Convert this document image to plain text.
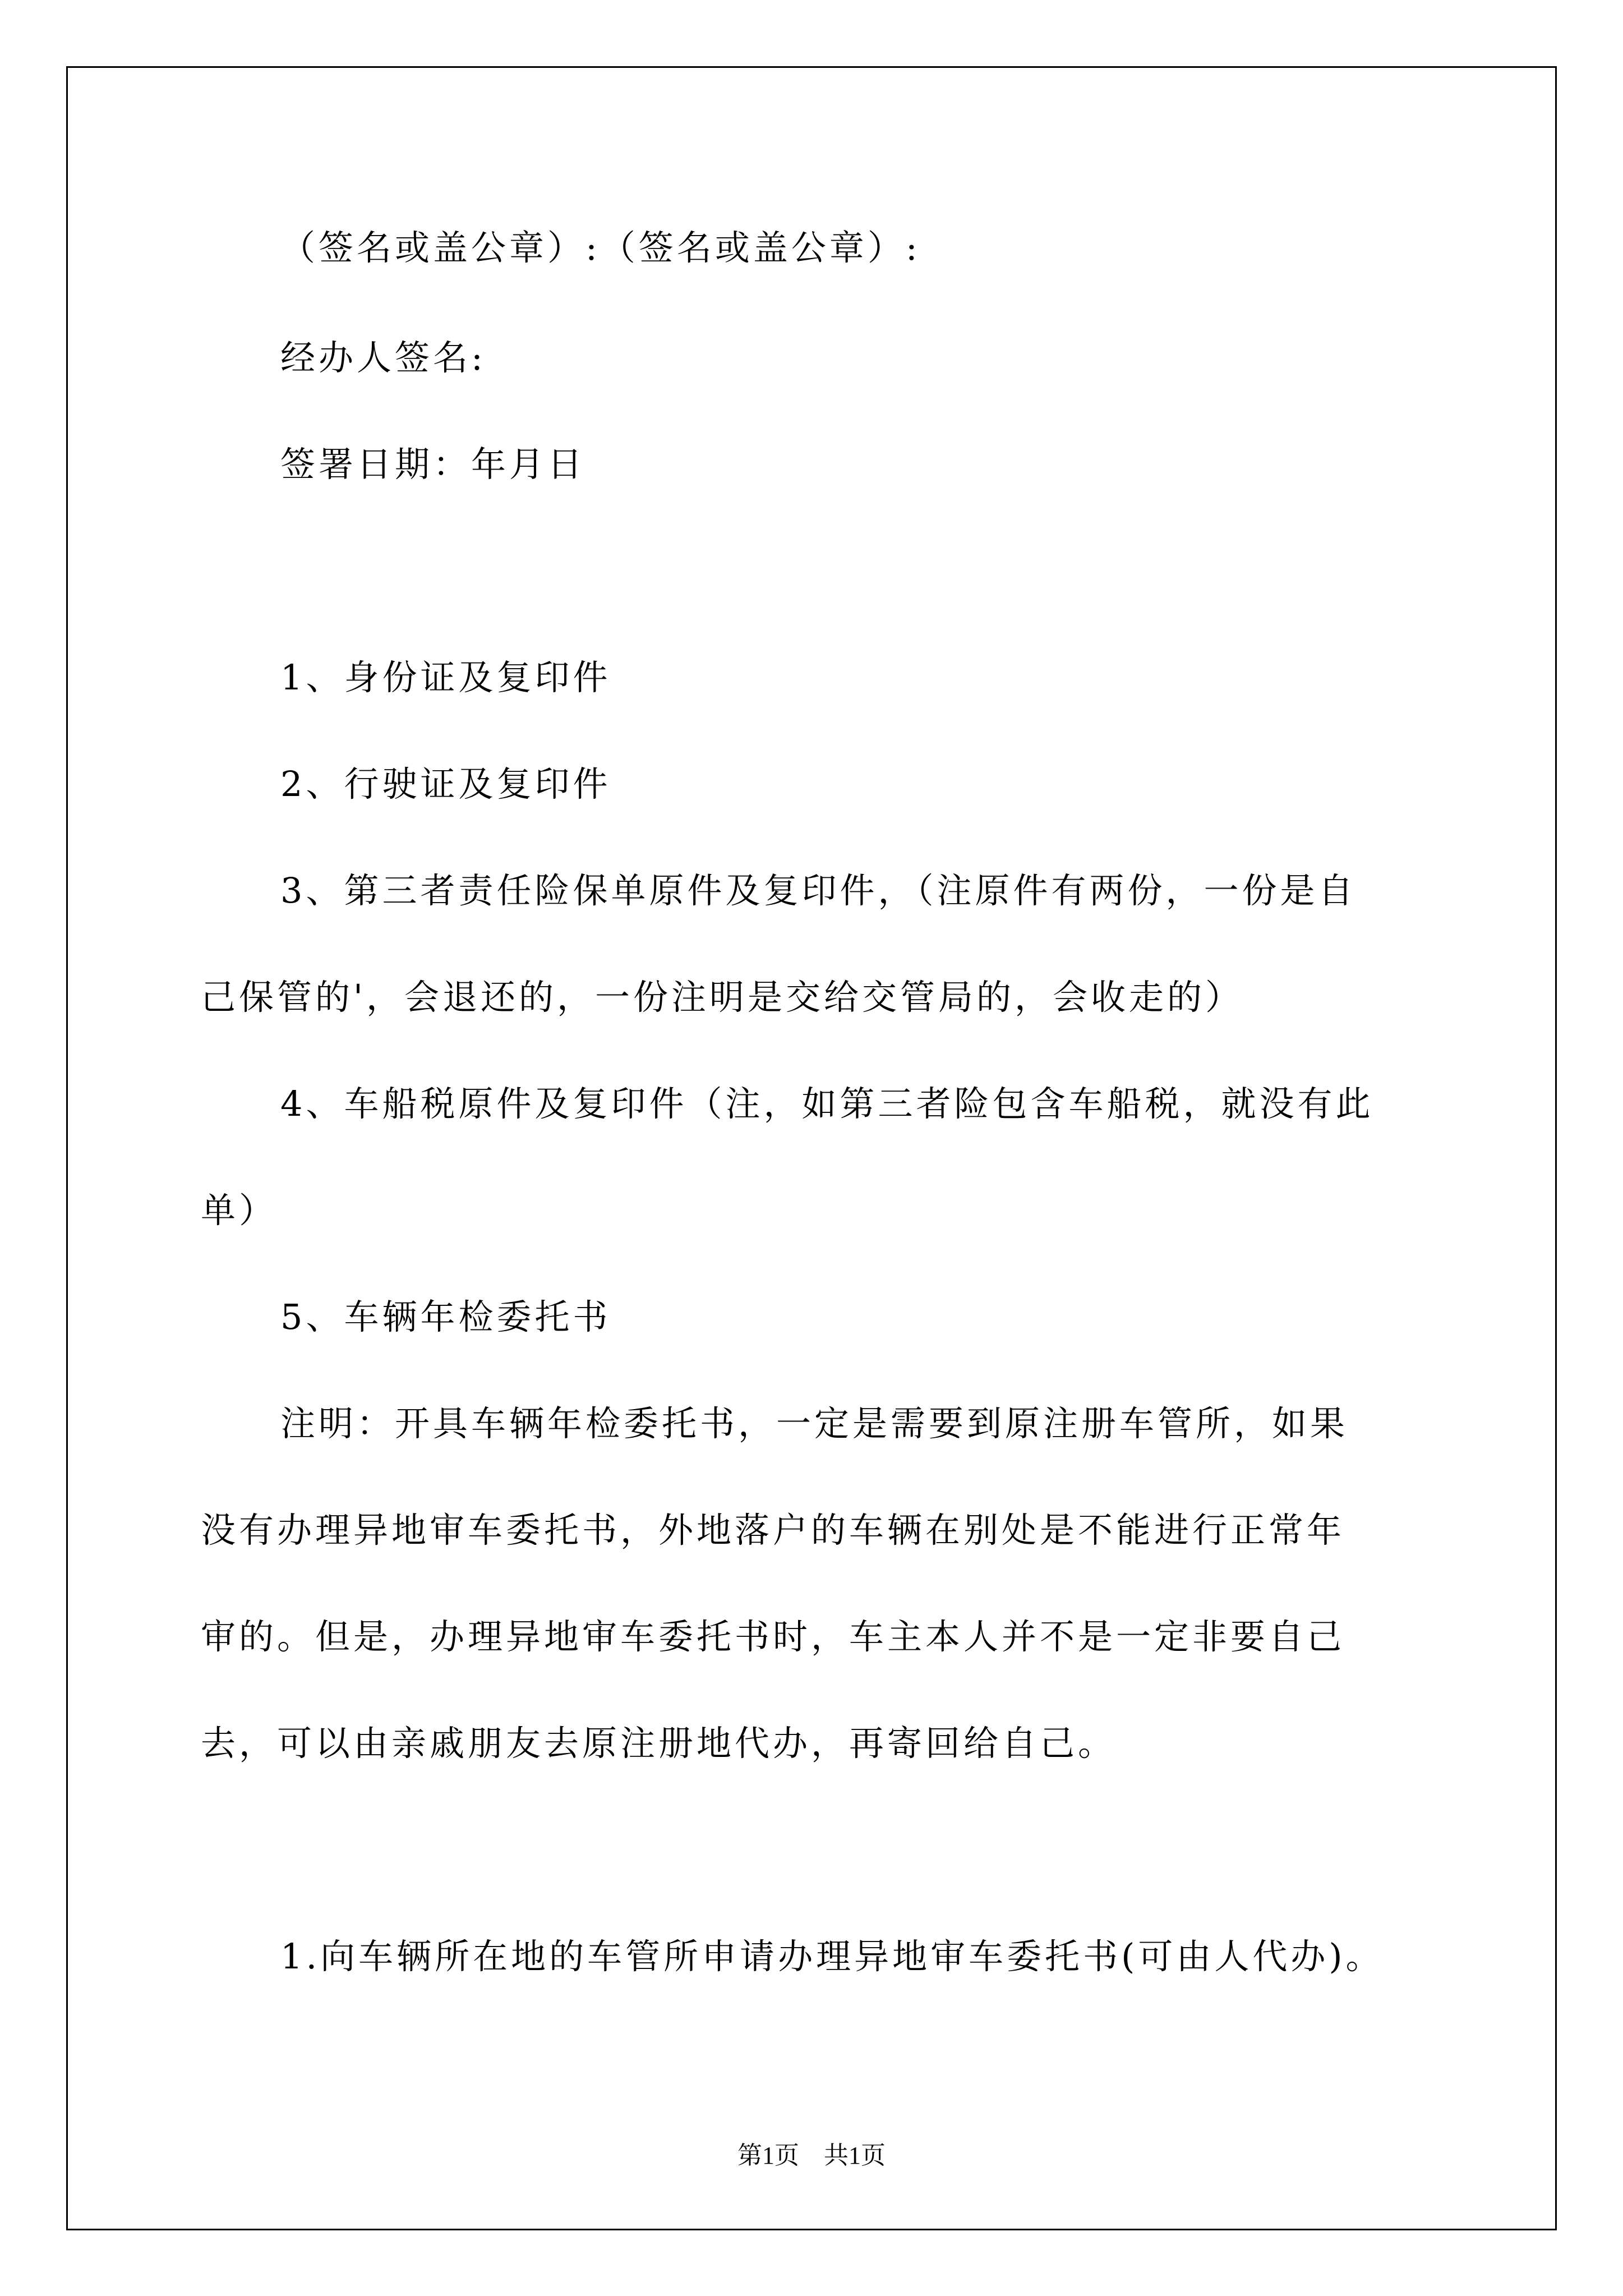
（签名或盖公章）:（签名或盖公章）:
经办人签名:
签署日期：年月日
1、身份证及复印件
2、行驶证及复印件
3、第三者责任险保单原件及复印件，（注原件有两份，一份是自
己保管的'，会退还的，一份注明是交给交管局的，会收走的）
4、车船税原件及复印件（注，如第三者险包含车船税，就没有此
单）
5、车辆年检委托书
注明：开具车辆年检委托书，一定是需要到原注册车管所，如果
没有办理异地审车委托书，外地落户的车辆在别处是不能进行正常年
审的。但是，办理异地审车委托书时，车主本人并不是一定非要自己
去，可以由亲戚朋友去原注册地代办，再寄回给自己。
1.向车辆所在地的车管所申请办理异地审车委托书(可由人代办)。
第1页　共1页
